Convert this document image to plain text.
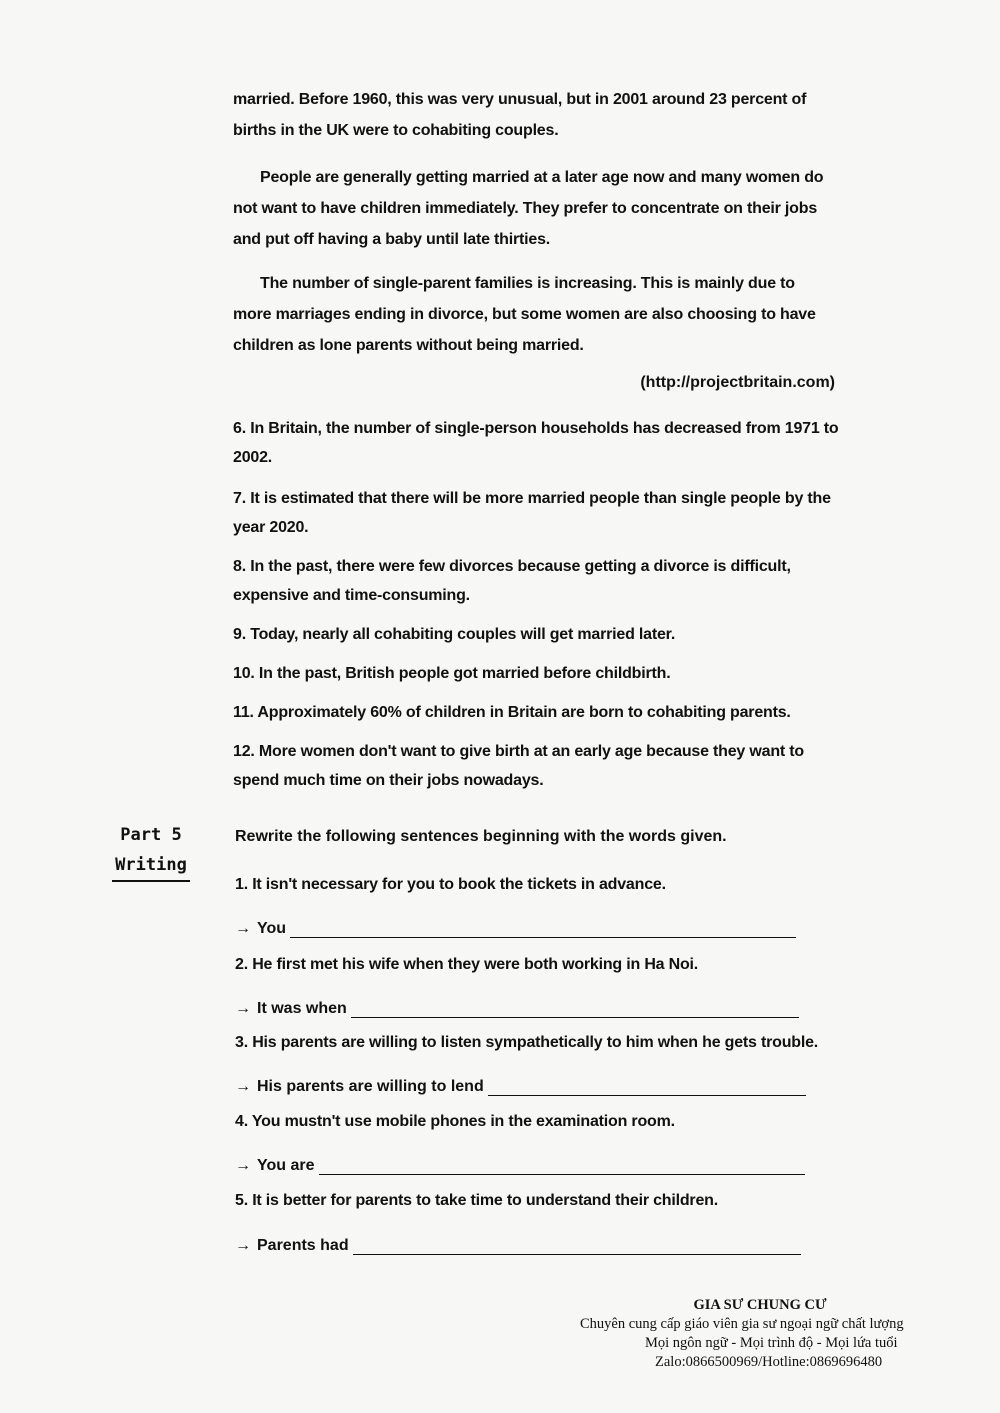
married. Before 1960, this was very unusual, but in 2001 around 23 percent of births in the UK were to cohabiting couples.
People are generally getting married at a later age now and many women do not want to have children immediately. They prefer to concentrate on their jobs and put off having a baby until late thirties.
The number of single-parent families is increasing. This is mainly due to more marriages ending in divorce, but some women are also choosing to have children as lone parents without being married.
(http://projectbritain.com)
6. In Britain, the number of single-person households has decreased from 1971 to 2002.
7. It is estimated that there will be more married people than single people by the year 2020.
8. In the past, there were few divorces because getting a divorce is difficult, expensive and time-consuming.
9. Today, nearly all cohabiting couples will get married later.
10. In the past, British people got married before childbirth.
11. Approximately 60% of children in Britain are born to cohabiting parents.
12. More women don't want to give birth at an early age because they want to spend much time on their jobs nowadays.
Part 5
Writing
Rewrite the following sentences beginning with the words given.
1. It isn't necessary for you to book the tickets in advance.
→ You
2. He first met his wife when they were both working in Ha Noi.
→ It was when
3. His parents are willing to listen sympathetically to him when he gets trouble.
→ His parents are willing to lend
4. You mustn't use mobile phones in the examination room.
→ You are
5. It is better for parents to take time to understand their children.
→ Parents had
GIA SƯ CHUNG CƯ
Chuyên cung cấp giáo viên gia sư ngoại ngữ chất lượng
Mọi ngôn ngữ - Mọi trình độ - Mọi lứa tuổi
Zalo:0866500969/Hotline:0869696480
